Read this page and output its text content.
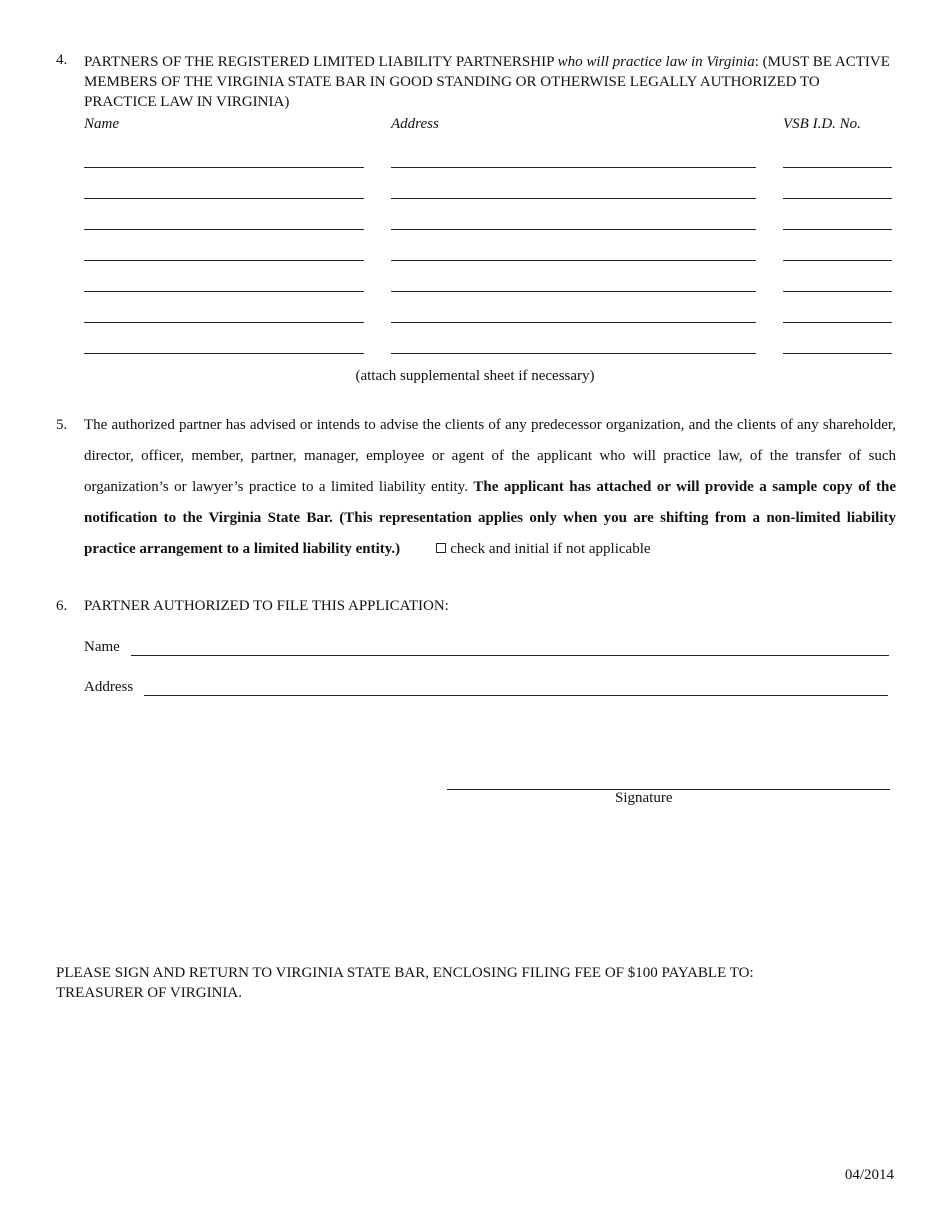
4. PARTNERS OF THE REGISTERED LIMITED LIABILITY PARTNERSHIP who will practice law in Virginia: (MUST BE ACTIVE MEMBERS OF THE VIRGINIA STATE BAR IN GOOD STANDING OR OTHERWISE LEGALLY AUTHORIZED TO PRACTICE LAW IN VIRGINIA)
Name	Address	VSB I.D. No.
(attach supplemental sheet if necessary)
5. The authorized partner has advised or intends to advise the clients of any predecessor organization, and the clients of any shareholder, director, officer, member, partner, manager, employee or agent of the applicant who will practice law, of the transfer of such organization’s or lawyer’s practice to a limited liability entity. The applicant has attached or will provide a sample copy of the notification to the Virginia State Bar. (This representation applies only when you are shifting from a non-limited liability practice arrangement to a limited liability entity.)	check and initial if not applicable
6. PARTNER AUTHORIZED TO FILE THIS APPLICATION:
Name
Address
Signature
PLEASE SIGN AND RETURN TO VIRGINIA STATE BAR, ENCLOSING FILING FEE OF $100 PAYABLE TO:
TREASURER OF VIRGINIA.
04/2014
